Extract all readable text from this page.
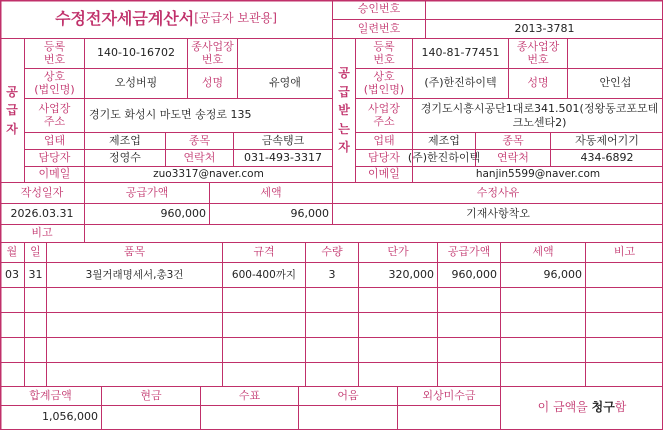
수정전자세금계산서 [공급자 보관용]
승인번호
일련번호	2013-3781
공
급
자
등록
번호	140-10-16702	종사업장
번호
상호
(법인명)	오성버핑	성명	유영애
사업장
주소	경기도 화성시 마도면 송정로 135
업태	제조업	종목	금속탱크
담당자	정영수	연락처	031-493-3317
이메일	zuo3317@naver.com
공
급
받
는
자
등록
번호	140-81-77451	종사업장
번호
상호
(법인명)	(주)한진하이텍	성명	안인섭
사업장
주소
경기도시흥시공단1대로341.501(정왕동코포모테크노센타2)
업태	제조업	종목	자동제어기기
담당자 (주)한진하이텍	연락처	434-6892
이메일	hanjin5599@naver.com
작성일자	공급가액	세액	수정사유
2026.03.31	960,000	96,000	기재사항착오
비고
월	일	품목	규격	수량	단가	공급가액	세액	비고
03 31	3월거래명세서,총3건	600-400까지	3	320,000	960,000	96,000
합계금액	현금	수표	어음	외상미수금
1,056,000
이 금액을
청구 함
